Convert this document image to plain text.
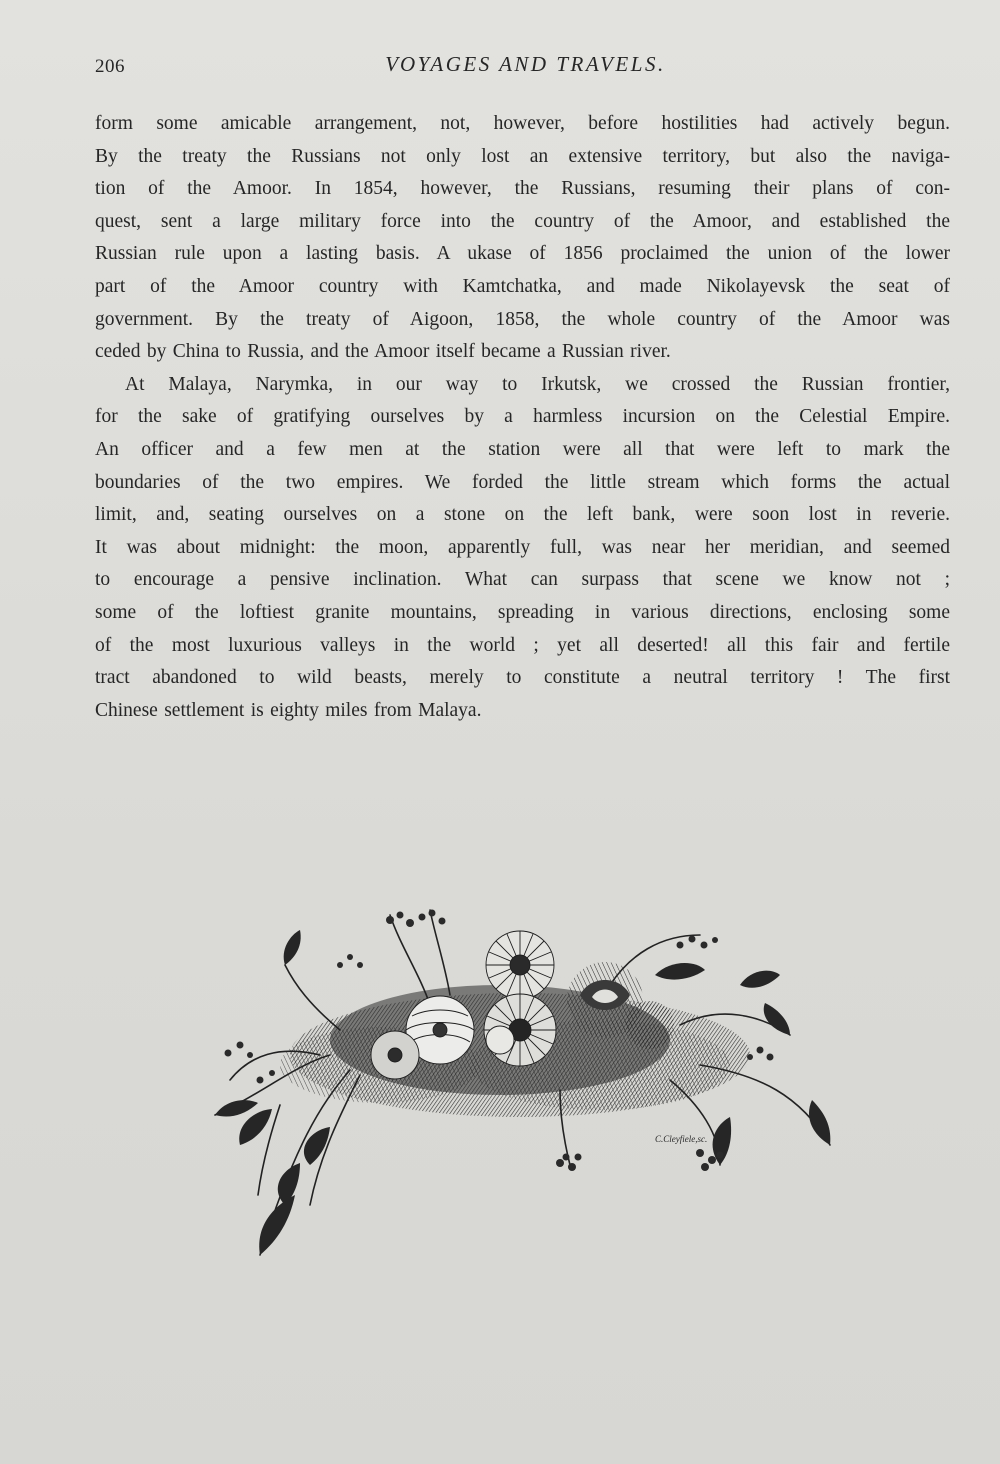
206	VOYAGES AND TRAVELS.

form some amicable arrangement, not, however, before hostilities had actively begun.
By the treaty the Russians not only lost an extensive territory, but also the naviga-
tion of the Amoor. In 1854, however, the Russians, resuming their plans of con-
quest, sent a large military force into the country of the Amoor, and established the
Russian rule upon a lasting basis. A ukase of 1856 proclaimed the union of the lower
part of the Amoor country with Kamtchatka, and made Nikolayevsk the seat of
government. By the treaty of Aigoon, 1858, the whole country of the Amoor was
ceded by China to Russia, and the Amoor itself became a Russian river.

At Malaya, Narymka, in our way to Irkutsk, we crossed the Russian frontier,
for the sake of gratifying ourselves by a harmless incursion on the Celestial Empire.
An officer and a few men at the station were all that were left to mark the
boundaries of the two empires. We forded the little stream which forms the actual
limit, and, seating ourselves on a stone on the left bank, were soon lost in reverie.
It was about midnight: the moon, apparently full, was near her meridian, and seemed
to encourage a pensive inclination. What can surpass that scene we know not ;
some of the loftiest granite mountains, spreading in various directions, enclosing some
of the most luxurious valleys in the world ; yet all deserted! all this fair and fertile
tract abandoned to wild beasts, merely to constitute a neutral territory ! The first
Chinese settlement is eighty miles from Malaya.

C.Cleyfiele,sc.
